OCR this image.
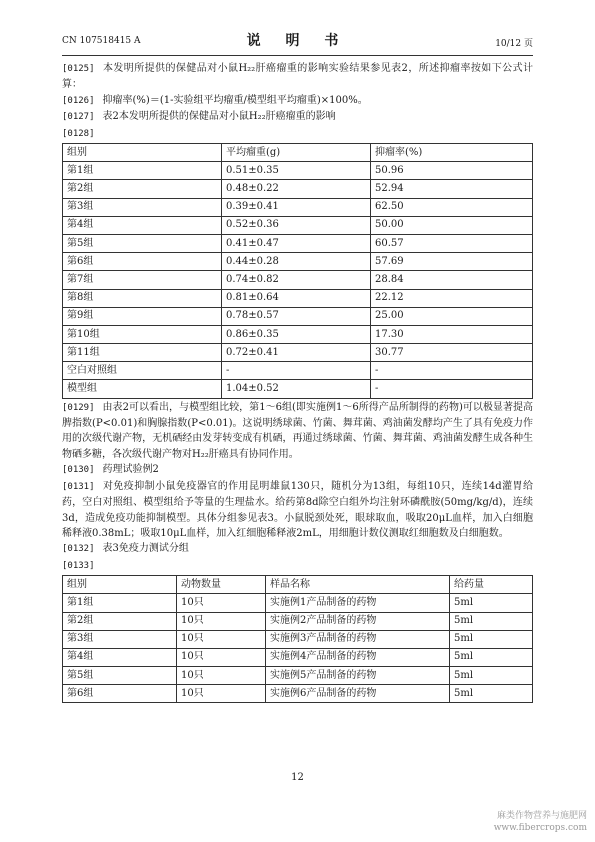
CN 107518415 A	说 明 书	10/12 页

[0125] 本发明所提供的保健品对小鼠H₂₂肝癌瘤重的影响实验结果参见表2，所述抑瘤率按如下公式计算：

[0126] 抑瘤率(%)＝(1-实验组平均瘤重/模型组平均瘤重)×100%。

[0127] 表2本发明所提供的保健品对小鼠H₂₂肝癌瘤重的影响

[0128]

组别	平均瘤重(g)	抑瘤率(%)
第1组	0.51±0.35	50.96
第2组	0.48±0.22	52.94
第3组	0.39±0.41	62.50
第4组	0.52±0.36	50.00
第5组	0.41±0.47	60.57
第6组	0.44±0.28	57.69
第7组	0.74±0.82	28.84
第8组	0.81±0.64	22.12
第9组	0.78±0.57	25.00
第10组	0.86±0.35	17.30
第11组	0.72±0.41	30.77
空白对照组	-	-
模型组	1.04±0.52	-

[0129] 由表2可以看出，与模型组比较，第1～6组(即实施例1～6所得产品所制得的药物)可以极显著提高脾指数(P<0.01)和胸腺指数(P<0.01)。这说明绣球菌、竹菌、舞茸菌、鸡油菌发酵均产生了具有免疫力作用的次级代谢产物，无机硒经由发芽转变成有机硒，再通过绣球菌、竹菌、舞茸菌、鸡油菌发酵生成各种生物硒多糖，各次级代谢产物对H₂₂肝癌具有协同作用。

[0130] 药理试验例2

[0131] 对免疫抑制小鼠免疫器官的作用昆明雄鼠130只，随机分为13组，每组10只，连续14d灌胃给药，空白对照组、模型组给予等量的生理盐水。给药第8d除空白组外均注射环磷酰胺(50mg/kg/d)，连续3d，造成免疫功能抑制模型。具体分组参见表3。小鼠脱颈处死，眼球取血，吸取20μL血样，加入白细胞稀释液0.38mL；吸取10μL血样，加入红细胞稀释液2mL，用细胞计数仪测取红细胞数及白细胞数。

[0132] 表3免疫力测试分组

[0133]

组别	动物数量	样品名称	给药量
第1组	10只	实施例1产品制备的药物	5ml
第2组	10只	实施例2产品制备的药物	5ml
第3组	10只	实施例3产品制备的药物	5ml
第4组	10只	实施例4产品制备的药物	5ml
第5组	10只	实施例5产品制备的药物	5ml
第6组	10只	实施例6产品制备的药物	5ml
12
麻类作物营养与施肥网
www.fibercrops.com
